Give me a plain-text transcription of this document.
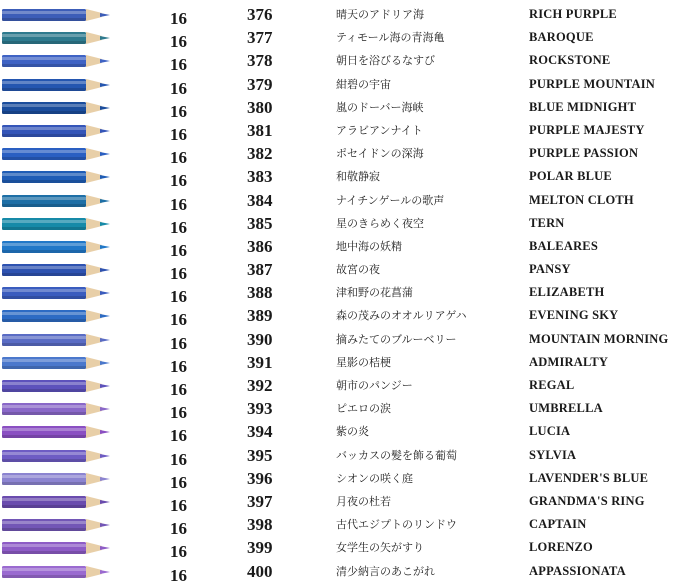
16	376	晴天のアドリア海	RICH PURPLE
16	377	ティモール海の青海亀	BAROQUE
16	378	朝日を浴びるなすび	ROCKSTONE
16	379	紺碧の宇宙	PURPLE MOUNTAIN
16	380	嵐のドーバー海峡	BLUE MIDNIGHT
16	381	アラビアンナイト	PURPLE MAJESTY
16	382	ポセイドンの深海	PURPLE PASSION
16	383	和敬静寂	POLAR BLUE
16	384	ナイチンゲールの歌声	MELTON CLOTH
16	385	星のきらめく夜空	TERN
16	386	地中海の妖精	BALEARES
16	387	故宮の夜	PANSY
16	388	津和野の花菖蒲	ELIZABETH
16	389	森の茂みのオオルリアゲハ	EVENING SKY
16	390	摘みたてのブルーベリー	MOUNTAIN MORNING
16	391	星影の桔梗	ADMIRALTY
16	392	朝市のパンジー	REGAL
16	393	ピエロの涙	UMBRELLA
16	394	紫の炎	LUCIA
16	395	バッカスの髪を飾る葡萄	SYLVIA
16	396	シオンの咲く庭	LAVENDER'S BLUE
16	397	月夜の杜若	GRANDMA'S RING
16	398	古代エジプトのリンドウ	CAPTAIN
16	399	女学生の矢がすり	LORENZO
16	400	清少納言のあこがれ	APPASSIONATA
